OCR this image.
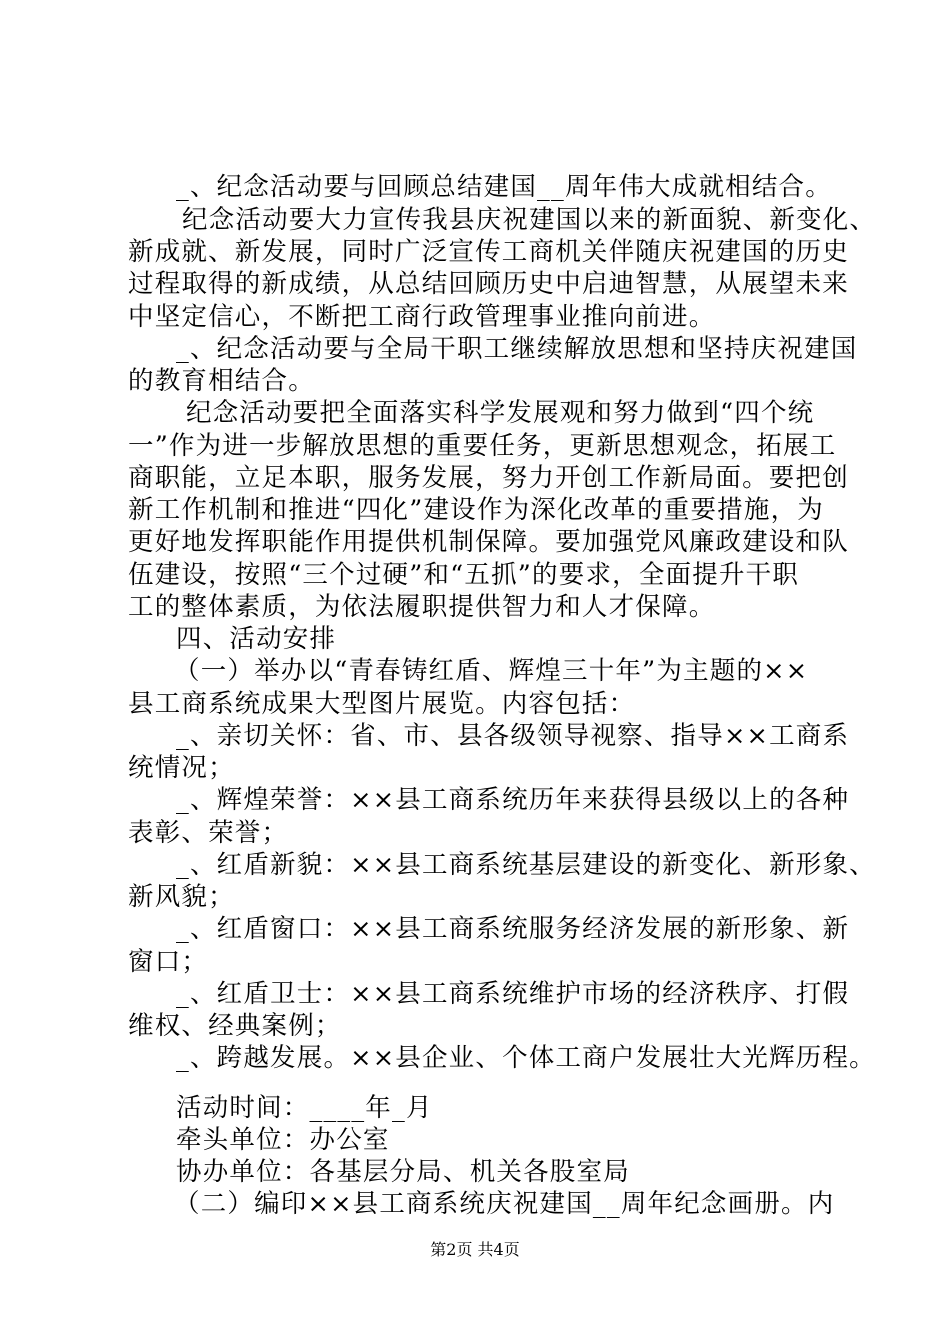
_、纪念活动要与回顾总结建国__周年伟大成就相结合。
纪念活动要大力宣传我县庆祝建国以来的新面貌、新变化、
新成就、新发展，同时广泛宣传工商机关伴随庆祝建国的历史
过程取得的新成绩，从总结回顾历史中启迪智慧，从展望未来
中坚定信心，不断把工商行政管理事业推向前进。
_、纪念活动要与全局干职工继续解放思想和坚持庆祝建国
的教育相结合。
纪念活动要把全面落实科学发展观和努力做到“四个统
一”作为进一步解放思想的重要任务，更新思想观念，拓展工
商职能，立足本职，服务发展，努力开创工作新局面。要把创
新工作机制和推进“四化”建设作为深化改革的重要措施，为
更好地发挥职能作用提供机制保障。要加强党风廉政建设和队
伍建设，按照“三个过硬”和“五抓”的要求，全面提升干职
工的整体素质，为依法履职提供智力和人才保障。
四、活动安排
（一）举办以“青春铸红盾、辉煌三十年”为主题的××
县工商系统成果大型图片展览。内容包括：
_、亲切关怀：省、市、县各级领导视察、指导××工商系
统情况；
_、辉煌荣誉：××县工商系统历年来获得县级以上的各种
表彰、荣誉；
_、红盾新貌：××县工商系统基层建设的新变化、新形象、
新风貌；
_、红盾窗口：××县工商系统服务经济发展的新形象、新
窗口；
_、红盾卫士：××县工商系统维护市场的经济秩序、打假
维权、经典案例；
_、跨越发展。××县企业、个体工商户发展壮大光辉历程。
活动时间：____年_月
牵头单位：办公室
协办单位：各基层分局、机关各股室局
（二）编印××县工商系统庆祝建国__周年纪念画册。内
第2页 共4页
